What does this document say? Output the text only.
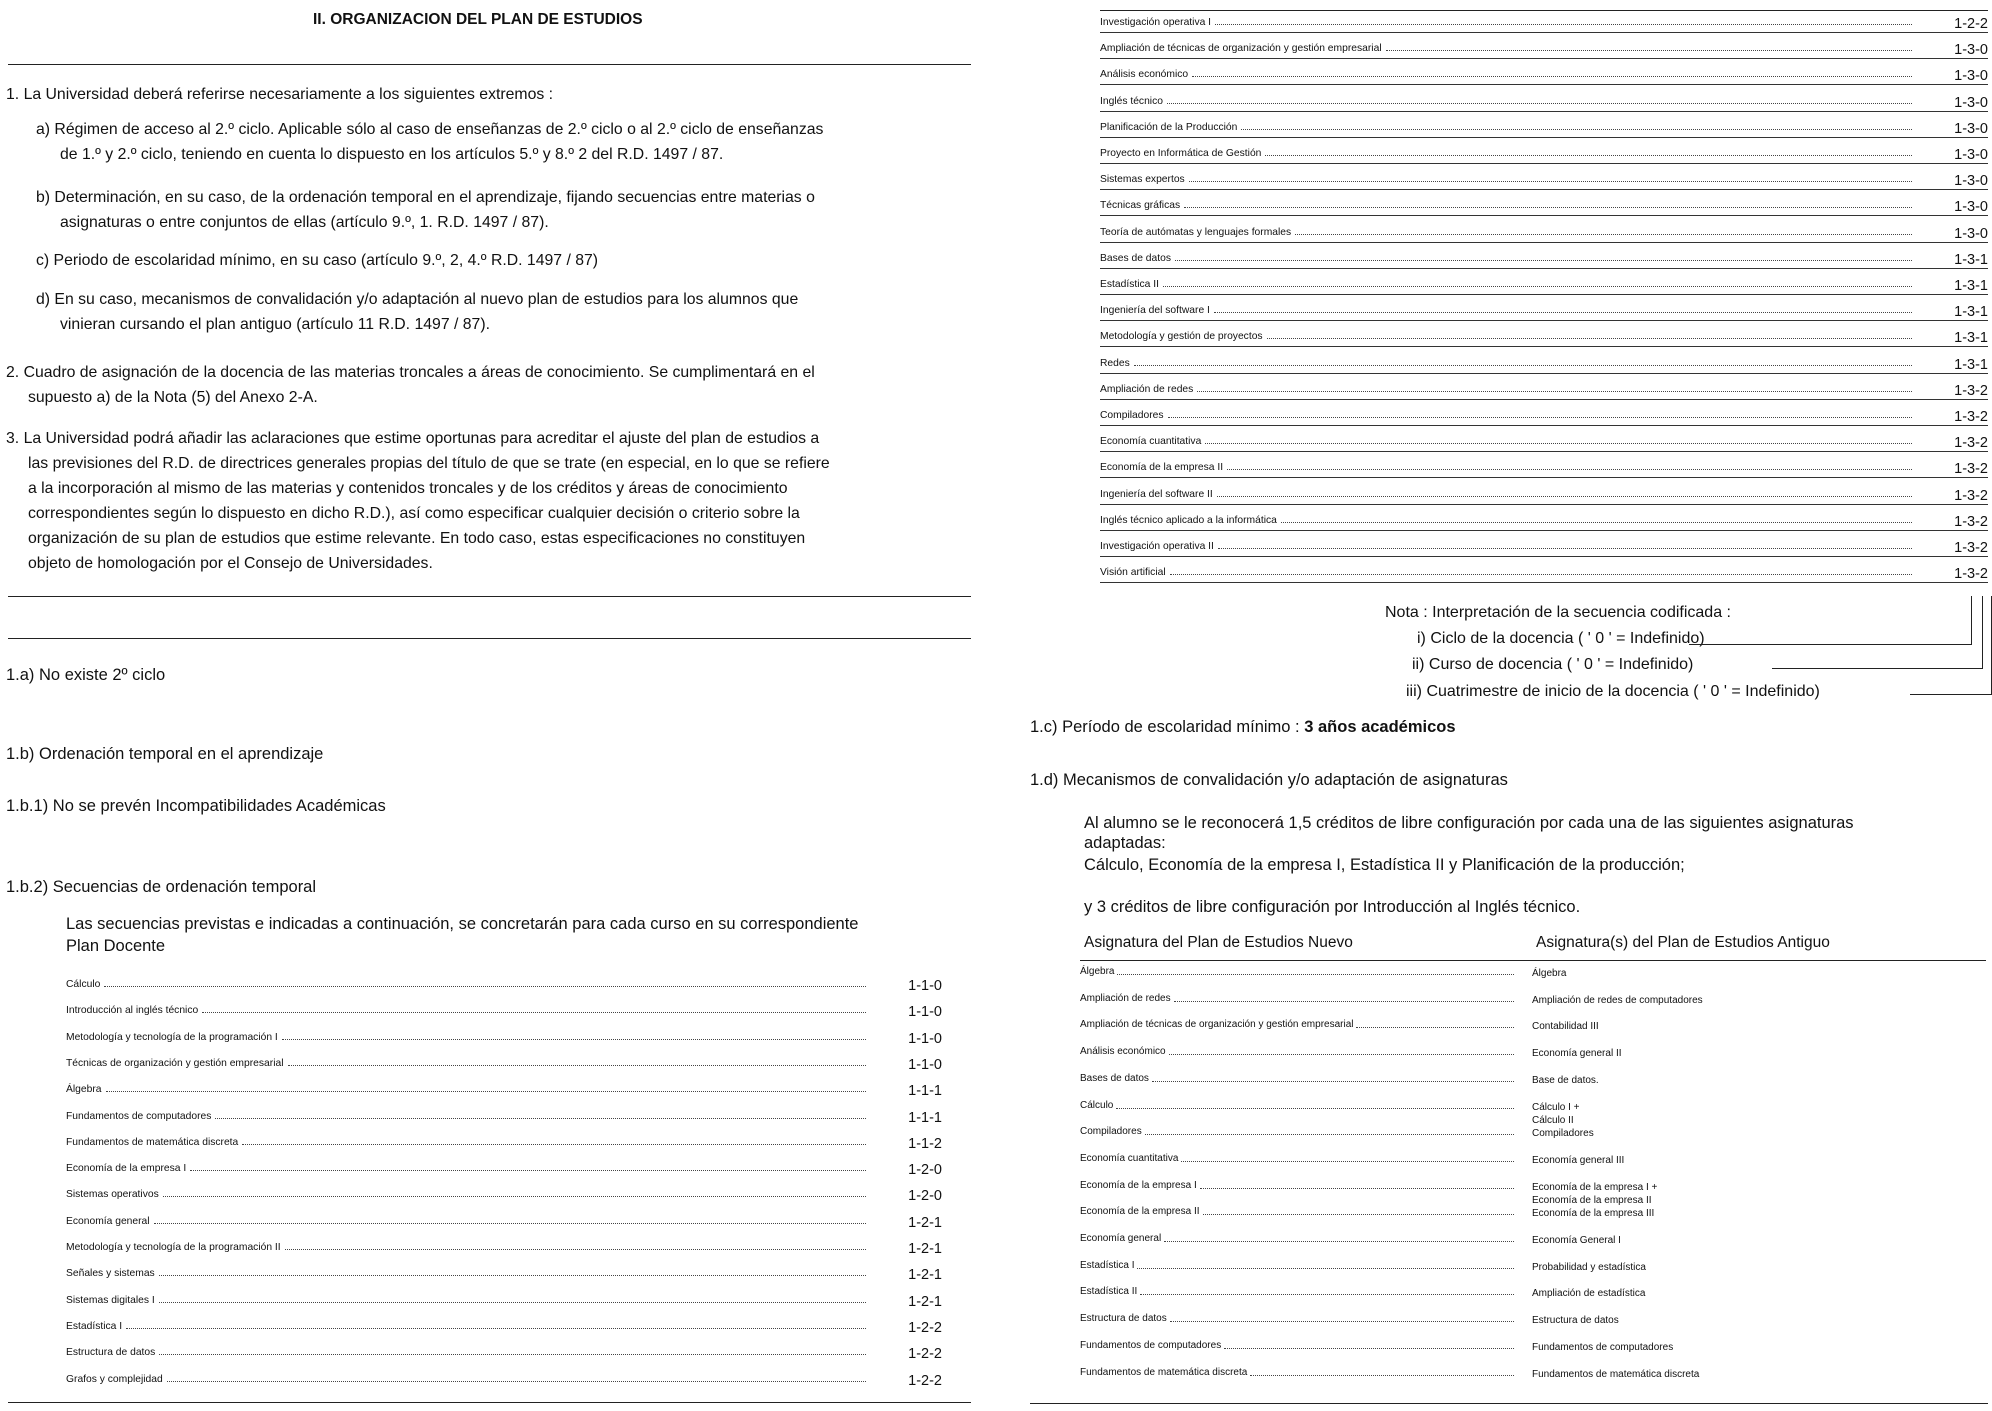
II. ORGANIZACION DEL PLAN DE ESTUDIOS
1. La Universidad deberá referirse necesariamente a los siguientes extremos :
a) Régimen de acceso al 2.º ciclo. Aplicable sólo al caso de enseñanzas de 2.º ciclo o al 2.º ciclo de enseñanzas
de 1.º y 2.º ciclo, teniendo en cuenta lo dispuesto en los artículos 5.º y 8.º 2 del R.D. 1497 / 87.
b) Determinación, en su caso, de la ordenación temporal en el aprendizaje, fijando secuencias entre materias o
asignaturas o entre conjuntos de ellas (artículo 9.º, 1. R.D. 1497 / 87).
c) Periodo de escolaridad mínimo, en su caso (artículo 9.º, 2, 4.º R.D. 1497 / 87)
d) En su caso, mecanismos de convalidación y/o adaptación al nuevo plan de estudios para los alumnos que
vinieran cursando el plan antiguo (artículo 11 R.D. 1497 / 87).
2. Cuadro de asignación de la docencia de las materias troncales a áreas de conocimiento. Se cumplimentará en el
supuesto a) de la Nota (5) del Anexo 2-A.
3. La Universidad podrá añadir las aclaraciones que estime oportunas para acreditar el ajuste del plan de estudios a
las previsiones del R.D. de directrices generales propias del título de que se trate (en especial, en lo que se refiere
a la incorporación al mismo de las materias y contenidos troncales y de los créditos y áreas de conocimiento
correspondientes según lo dispuesto en dicho R.D.), así como especificar cualquier decisión o criterio sobre la
organización de su plan de estudios que estime relevante. En todo caso, estas especificaciones no constituyen
objeto de homologación por el Consejo de Universidades.
1.a) No existe 2º ciclo
1.b) Ordenación temporal en el aprendizaje
1.b.1) No se prevén Incompatibilidades Académicas
1.b.2) Secuencias de ordenación temporal
Las secuencias previstas e indicadas a continuación, se concretarán para cada curso en su correspondiente
Plan Docente
Cálculo	1-1-0
Introducción al inglés técnico	1-1-0
Metodología y tecnología de la programación I	1-1-0
Técnicas de organización y gestión empresarial	1-1-0
Álgebra	1-1-1
Fundamentos de computadores	1-1-1
Fundamentos de matemática discreta	1-1-2
Economía de la empresa I	1-2-0
Sistemas operativos	1-2-0
Economía general	1-2-1
Metodología y tecnología de la programación II	1-2-1
Señales y sistemas	1-2-1
Sistemas digitales I	1-2-1
Estadística I	1-2-2
Estructura de datos	1-2-2
Grafos y complejidad	1-2-2
Investigación operativa I	1-2-2
Ampliación de técnicas de organización y gestión empresarial	1-3-0
Análisis económico	1-3-0
Inglés técnico	1-3-0
Planificación de la Producción	1-3-0
Proyecto en Informática de Gestión	1-3-0
Sistemas expertos	1-3-0
Técnicas gráficas	1-3-0
Teoría de autómatas y lenguajes formales	1-3-0
Bases de datos	1-3-1
Estadística II	1-3-1
Ingeniería del software I	1-3-1
Metodología y gestión de proyectos	1-3-1
Redes	1-3-1
Ampliación de redes	1-3-2
Compiladores	1-3-2
Economía cuantitativa	1-3-2
Economía de la empresa II	1-3-2
Ingeniería del software II	1-3-2
Inglés técnico aplicado a la informática	1-3-2
Investigación operativa II	1-3-2
Visión artificial	1-3-2
Nota : Interpretación de la secuencia codificada :
i) Ciclo de la docencia ( ' 0 ' = Indefinido)
ii) Curso de docencia ( ' 0 ' = Indefinido)
iii) Cuatrimestre de inicio de la docencia ( ' 0 ' = Indefinido)
1.c) Período de escolaridad mínimo : 3 años académicos
1.d) Mecanismos de convalidación y/o adaptación de asignaturas
Al alumno se le reconocerá 1,5 créditos de libre configuración por cada una de las siguientes asignaturas
adaptadas:
Cálculo, Economía de la empresa I, Estadística II y Planificación de la producción;
y 3 créditos de libre configuración por Introducción al Inglés técnico.
Asignatura del Plan de Estudios Nuevo	Asignatura(s) del Plan de Estudios Antiguo
Álgebra	Álgebra
Ampliación de redes	Ampliación de redes de computadores
Ampliación de técnicas de organización y gestión empresarial	Contabilidad III
Análisis económico	Economía general II
Bases de datos	Base de datos.
Cálculo	Cálculo I +
Cálculo II
Compiladores	Compiladores
Economía cuantitativa	Economía general III
Economía de la empresa I	Economía de la empresa I +
Economía de la empresa II
Economía de la empresa II	Economía de la empresa III
Economía general	Economía General I
Estadística I	Probabilidad y estadística
Estadística II	Ampliación de estadística
Estructura de datos	Estructura de datos
Fundamentos de computadores	Fundamentos de computadores
Fundamentos de matemática discreta	Fundamentos de matemática discreta
